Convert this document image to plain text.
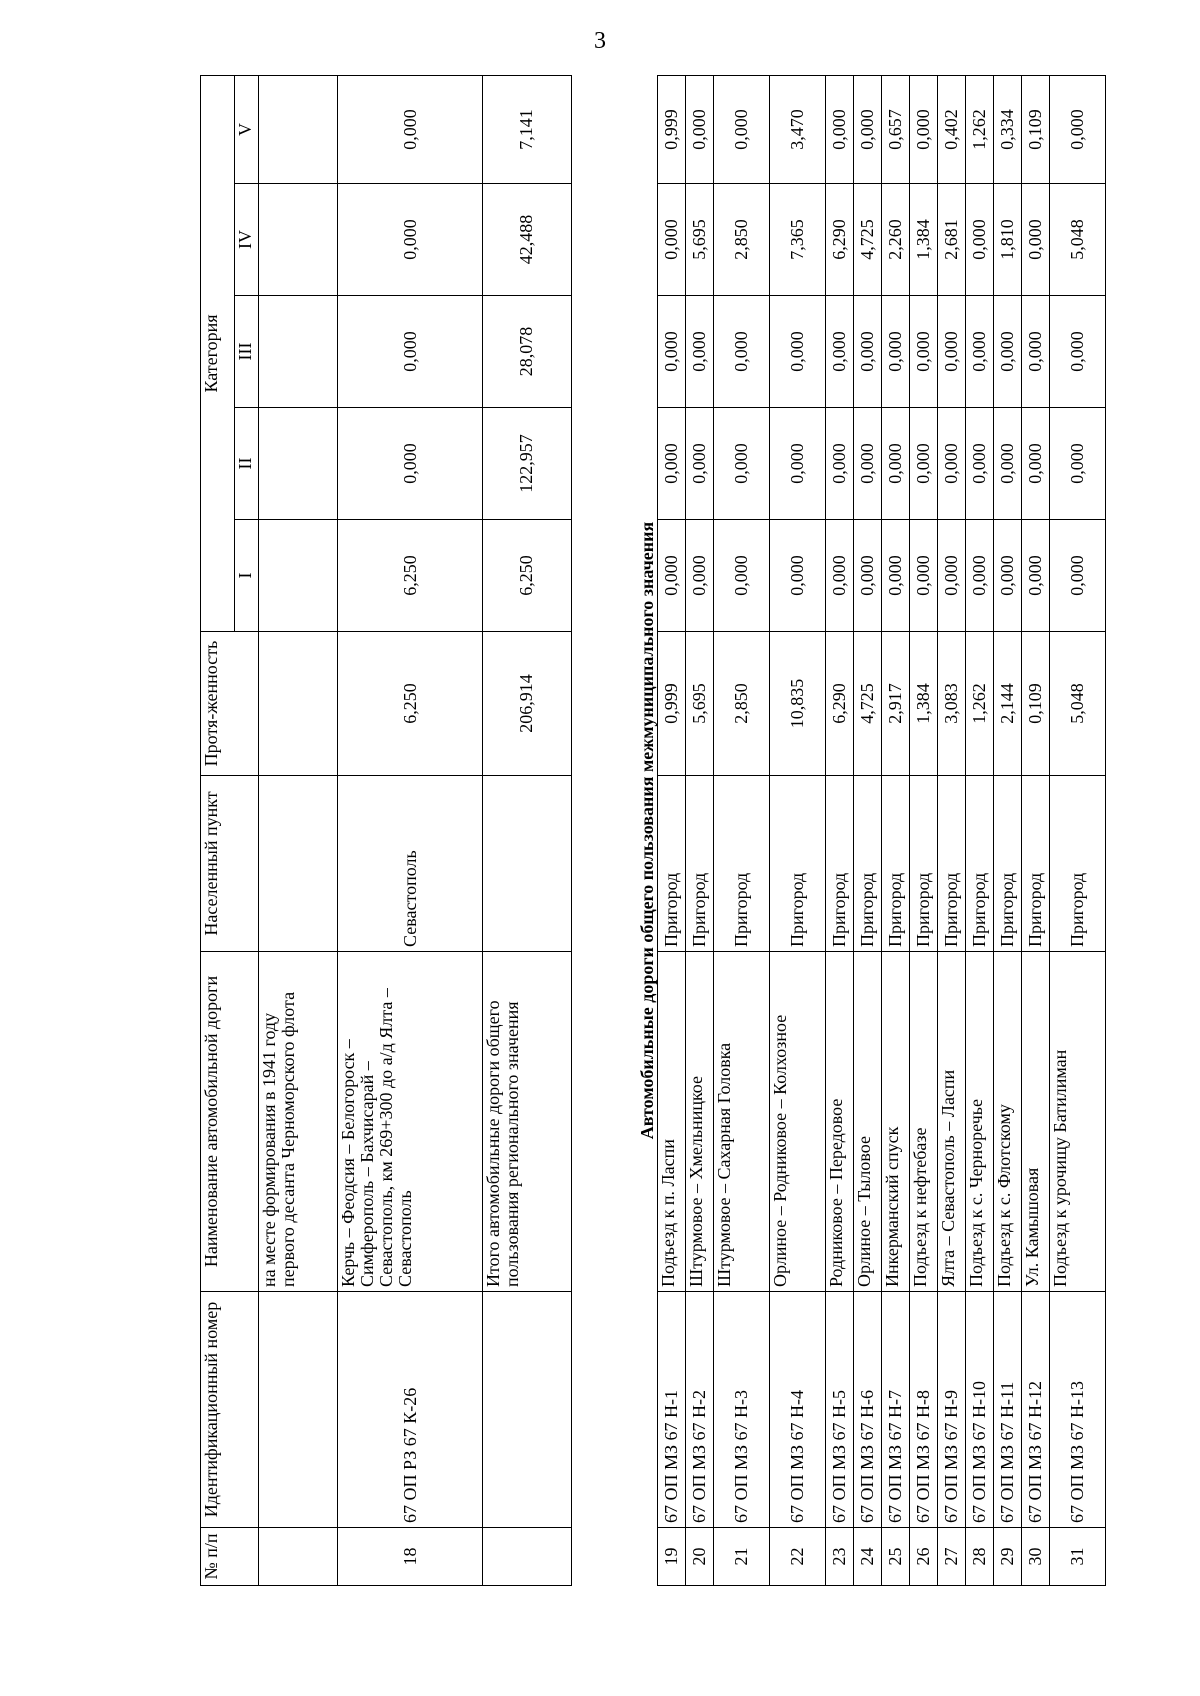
3
№ п/п	Идентификационный номер	Наименование автомобильной дороги	Населенный пункт	Протя-женность	Категория				
					I	II	III	IV	V
		на месте формирования в 1941 году первого десанта Черноморского флота							
18	67 ОП РЗ 67 К-26	Керчь – Феодсия – Белогороск – Симферополь – Бахчисарай – Севастополь, км 269+300 до а/д Ялта – Севастополь	Севастополь	6,250	6,250	0,000	0,000	0,000	0,000
		Итого автомобильные дороги общего пользования регионального значения		206,914	6,250	122,957	28,078	42,488	7,141
Автомобильные дороги общего пользования межмуниципального значения									
19	67 ОП МЗ 67 Н-1	Подъезд к п. Ласпи	Пригород	0,999	0,000	0,000	0,000	0,000	0,999
20	67 ОП МЗ 67 Н-2	Штурмовое – Хмельницкое	Пригород	5,695	0,000	0,000	0,000	5,695	0,000
21	67 ОП МЗ 67 Н-3	Штурмовое – Сахарная Головка	Пригород	2,850	0,000	0,000	0,000	2,850	0,000
22	67 ОП МЗ 67 Н-4	Орлиное – Родниковое – Колхозное	Пригород	10,835	0,000	0,000	0,000	7,365	3,470
23	67 ОП МЗ 67 Н-5	Родниковое – Передовое	Пригород	6,290	0,000	0,000	0,000	6,290	0,000
24	67 ОП МЗ 67 Н-6	Орлиное – Тыловое	Пригород	4,725	0,000	0,000	0,000	4,725	0,000
25	67 ОП МЗ 67 Н-7	Инкерманский спуск	Пригород	2,917	0,000	0,000	0,000	2,260	0,657
26	67 ОП МЗ 67 Н-8	Подъезд к нефтебазе	Пригород	1,384	0,000	0,000	0,000	1,384	0,000
27	67 ОП МЗ 67 Н-9	Ялта – Севастополь – Ласпи	Пригород	3,083	0,000	0,000	0,000	2,681	0,402
28	67 ОП МЗ 67 Н-10	Подъезд к с. Черноречье	Пригород	1,262	0,000	0,000	0,000	0,000	1,262
29	67 ОП МЗ 67 Н-11	Подъезд к с. Флотскому	Пригород	2,144	0,000	0,000	0,000	1,810	0,334
30	67 ОП МЗ 67 Н-12	Ул. Камышовая	Пригород	0,109	0,000	0,000	0,000	0,000	0,109
31	67 ОП МЗ 67 Н-13	Подъезд к урочищу Батилиман	Пригород	5,048	0,000	0,000	0,000	5,048	0,000
